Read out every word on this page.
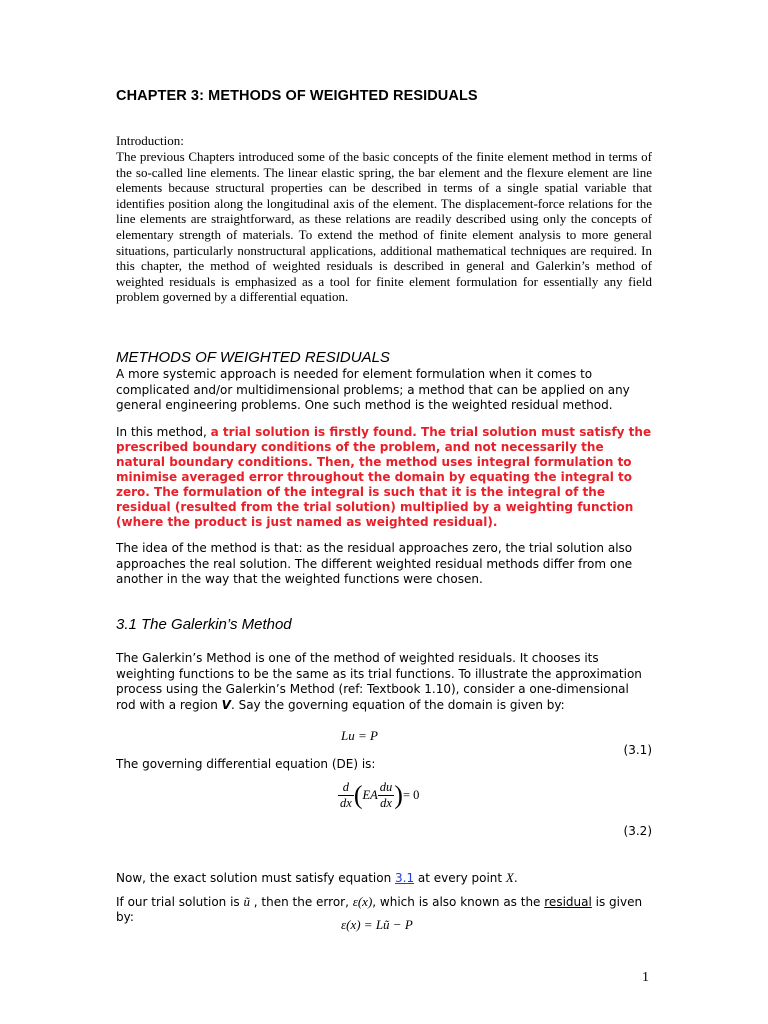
CHAPTER 3: METHODS OF WEIGHTED RESIDUALS
Introduction:
The previous Chapters introduced some of the basic concepts of the finite element method in terms of the so-called line elements. The linear elastic spring, the bar element and the flexure element are line elements because structural properties can be described in terms of a single spatial variable that identifies position along the longitudinal axis of the element. The displacement-force relations for the line elements are straightforward, as these relations are readily described using only the concepts of elementary strength of materials. To extend the method of finite element analysis to more general situations, particularly nonstructural applications, additional mathematical techniques are required. In this chapter, the method of weighted residuals is described in general and Galerkin’s method of weighted residuals is emphasized as a tool for finite element formulation for essentially any field problem governed by a differential equation.
METHODS OF WEIGHTED RESIDUALS
A more systemic approach is needed for element formulation when it comes to complicated and/or multidimensional problems; a method that can be applied on any general engineering problems. One such method is the weighted residual method.
In this method, a trial solution is firstly found. The trial solution must satisfy the prescribed boundary conditions of the problem, and not necessarily the natural boundary conditions. Then, the method uses integral formulation to minimise averaged error throughout the domain by equating the integral to zero. The formulation of the integral is such that it is the integral of the residual (resulted from the trial solution) multiplied by a weighting function (where the product is just named as weighted residual).
The idea of the method is that: as the residual approaches zero, the trial solution also approaches the real solution. The different weighted residual methods differ from one another in the way that the weighted functions were chosen.
3.1 The Galerkin’s Method
The Galerkin’s Method is one of the method of weighted residuals. It chooses its weighting functions to be the same as its trial functions. To illustrate the approximation process using the Galerkin’s Method (ref: Textbook 1.10), consider a one-dimensional rod with a region V. Say the governing equation of the domain is given by:
Lu = P
(3.1)
The governing differential equation (DE) is:
$\frac{d}{dx} (EA \frac{du}{dx}$ )= 0
(3.2)
Now, the exact solution must satisfy equation 3.1 at every point X.
If our trial solution is ũ , then the error, ε(x), which is also known as the residual is given by:	ε(x) = Lũ − P
1
